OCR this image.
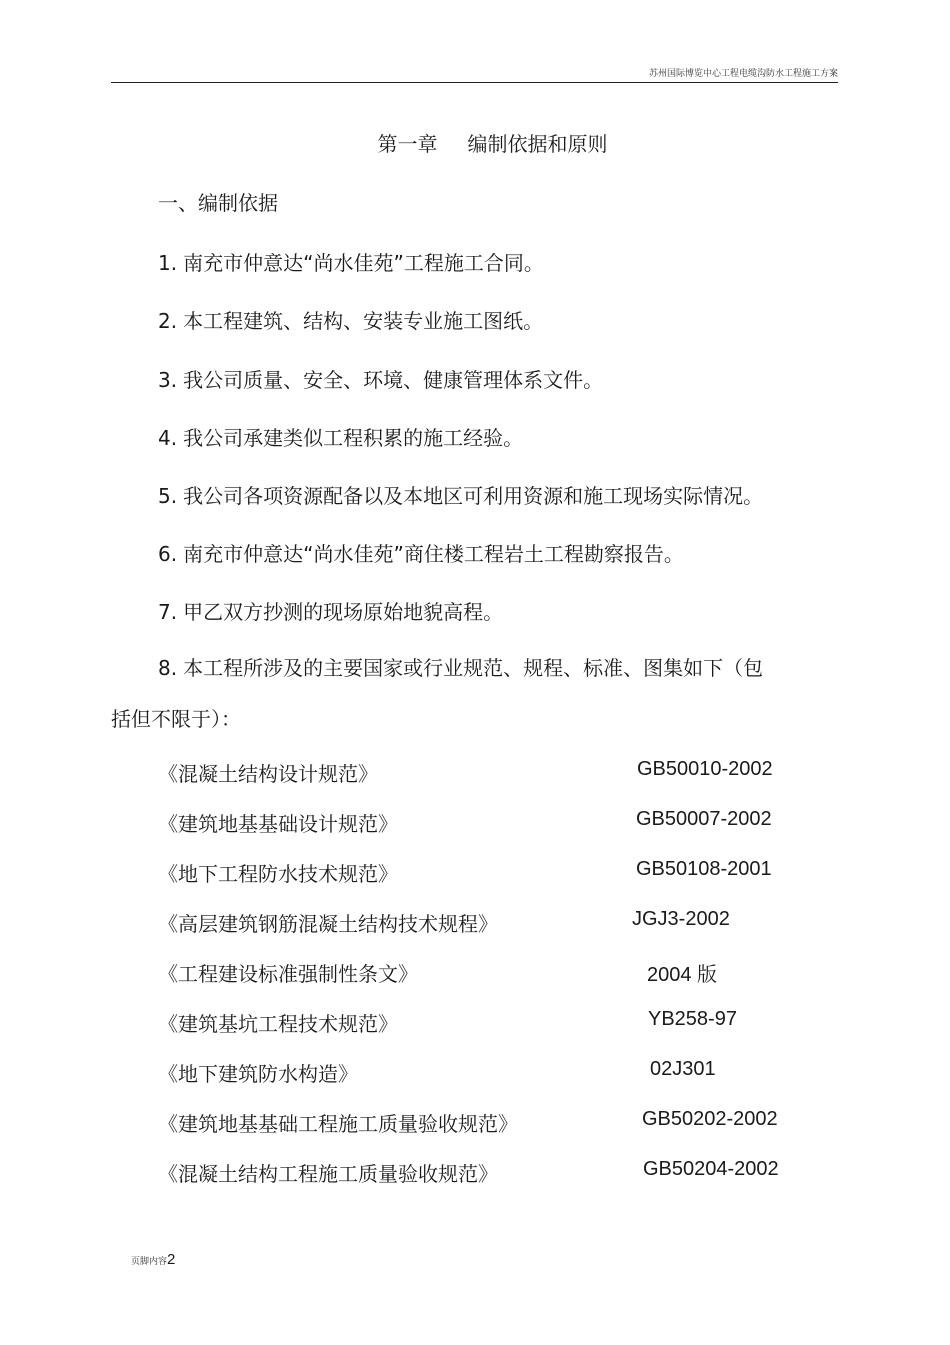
苏州国际博览中心工程电缆沟防水工程施工方案
第一章 编制依据和原则
一、编制依据
1. 南充市仲意达“尚水佳苑”工程施工合同。
2. 本工程建筑、结构、安装专业施工图纸。
3. 我公司质量、安全、环境、健康管理体系文件。
4. 我公司承建类似工程积累的施工经验。
5. 我公司各项资源配备以及本地区可利用资源和施工现场实际情况。
6. 南充市仲意达“尚水佳苑”商住楼工程岩土工程勘察报告。
7. 甲乙双方抄测的现场原始地貌高程。
8. 本工程所涉及的主要国家或行业规范、规程、标准、图集如下（包
括但不限于）：
《混凝土结构设计规范》	GB50010-2002
《建筑地基基础设计规范》	GB50007-2002
《地下工程防水技术规范》	GB50108-2001
《高层建筑钢筋混凝土结构技术规程》	JGJ3-2002
《工程建设标准强制性条文》	2004 版
《建筑基坑工程技术规范》	YB258-97
《地下建筑防水构造》	02J301
《建筑地基基础工程施工质量验收规范》	GB50202-2002
《混凝土结构工程施工质量验收规范》	GB50204-2002
页脚内容2
